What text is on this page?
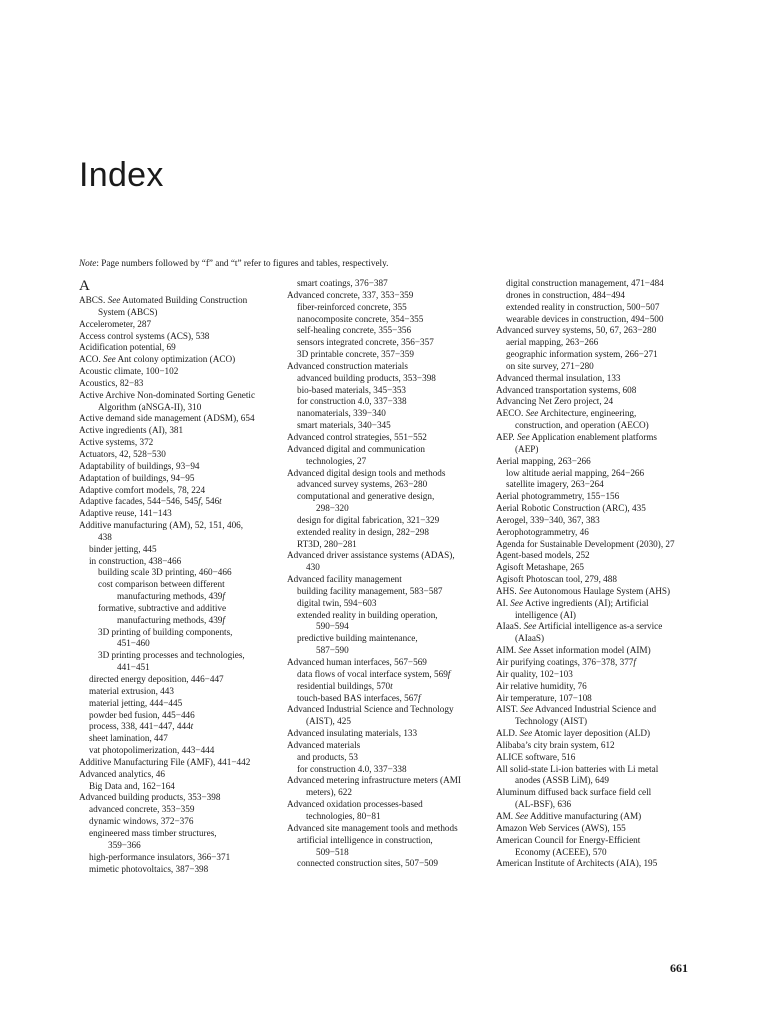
Index
Note: Page numbers followed by “f” and “t” refer to figures and tables, respectively.
A
ABCS. See Automated Building Construction
System (ABCS)
Accelerometer, 287
Access control systems (ACS), 538
Acidification potential, 69
ACO. See Ant colony optimization (ACO)
Acoustic climate, 100−102
Acoustics, 82−83
Active Archive Non-dominated Sorting Genetic
Algorithm (aNSGA-II), 310
Active demand side management (ADSM), 654
Active ingredients (AI), 381
Active systems, 372
Actuators, 42, 528−530
Adaptability of buildings, 93−94
Adaptation of buildings, 94−95
Adaptive comfort models, 78, 224
Adaptive facades, 544−546, 545f, 546t
Adaptive reuse, 141−143
Additive manufacturing (AM), 52, 151, 406,
438
binder jetting, 445
in construction, 438−466
building scale 3D printing, 460−466
cost comparison between different
manufacturing methods, 439f
formative, subtractive and additive
manufacturing methods, 439f
3D printing of building components,
451−460
3D printing processes and technologies,
441−451
directed energy deposition, 446−447
material extrusion, 443
material jetting, 444−445
powder bed fusion, 445−446
process, 338, 441−447, 444t
sheet lamination, 447
vat photopolimerization, 443−444
Additive Manufacturing File (AMF), 441−442
Advanced analytics, 46
Big Data and, 162−164
Advanced building products, 353−398
advanced concrete, 353−359
dynamic windows, 372−376
engineered mass timber structures,
359−366
high-performance insulators, 366−371
mimetic photovoltaics, 387−398
smart coatings, 376−387
Advanced concrete, 337, 353−359
fiber-reinforced concrete, 355
nanocomposite concrete, 354−355
self-healing concrete, 355−356
sensors integrated concrete, 356−357
3D printable concrete, 357−359
Advanced construction materials
advanced building products, 353−398
bio-based materials, 345−353
for construction 4.0, 337−338
nanomaterials, 339−340
smart materials, 340−345
Advanced control strategies, 551−552
Advanced digital and communication
technologies, 27
Advanced digital design tools and methods
advanced survey systems, 263−280
computational and generative design,
298−320
design for digital fabrication, 321−329
extended reality in design, 282−298
RT3D, 280−281
Advanced driver assistance systems (ADAS),
430
Advanced facility management
building facility management, 583−587
digital twin, 594−603
extended reality in building operation,
590−594
predictive building maintenance,
587−590
Advanced human interfaces, 567−569
data flows of vocal interface system, 569f
residential buildings, 570t
touch-based BAS interfaces, 567f
Advanced Industrial Science and Technology
(AIST), 425
Advanced insulating materials, 133
Advanced materials
and products, 53
for construction 4.0, 337−338
Advanced metering infrastructure meters (AMI
meters), 622
Advanced oxidation processes-based
technologies, 80−81
Advanced site management tools and methods
artificial intelligence in construction,
509−518
connected construction sites, 507−509
digital construction management, 471−484
drones in construction, 484−494
extended reality in construction, 500−507
wearable devices in construction, 494−500
Advanced survey systems, 50, 67, 263−280
aerial mapping, 263−266
geographic information system, 266−271
on site survey, 271−280
Advanced thermal insulation, 133
Advanced transportation systems, 608
Advancing Net Zero project, 24
AECO. See Architecture, engineering,
construction, and operation (AECO)
AEP. See Application enablement platforms
(AEP)
Aerial mapping, 263−266
low altitude aerial mapping, 264−266
satellite imagery, 263−264
Aerial photogrammetry, 155−156
Aerial Robotic Construction (ARC), 435
Aerogel, 339−340, 367, 383
Aerophotogrammetry, 46
Agenda for Sustainable Development (2030), 27
Agent-based models, 252
Agisoft Metashape, 265
Agisoft Photoscan tool, 279, 488
AHS. See Autonomous Haulage System (AHS)
AI. See Active ingredients (AI); Artificial
intelligence (AI)
AIaaS. See Artificial intelligence as-a service
(AIaaS)
AIM. See Asset information model (AIM)
Air purifying coatings, 376−378, 377f
Air quality, 102−103
Air relative humidity, 76
Air temperature, 107−108
AIST. See Advanced Industrial Science and
Technology (AIST)
ALD. See Atomic layer deposition (ALD)
Alibaba’s city brain system, 612
ALICE software, 516
All solid-state Li-ion batteries with Li metal
anodes (ASSB LiM), 649
Aluminum diffused back surface field cell
(AL-BSF), 636
AM. See Additive manufacturing (AM)
Amazon Web Services (AWS), 155
American Council for Energy-Efficient
Economy (ACEEE), 570
American Institute of Architects (AIA), 195
661
